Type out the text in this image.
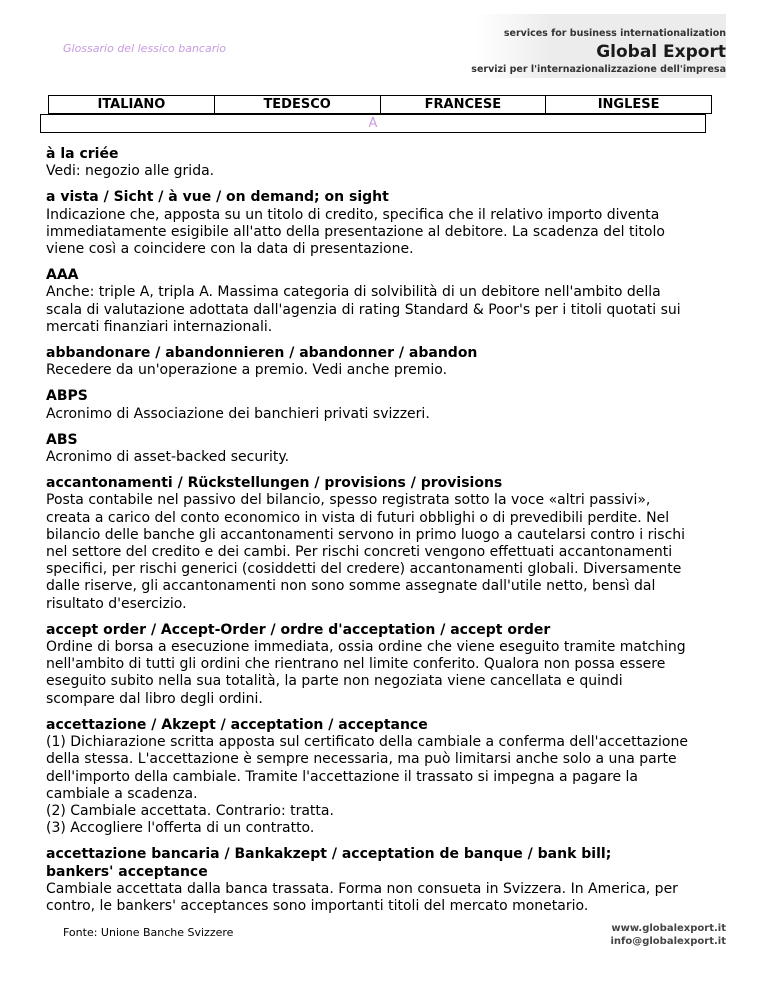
Glossario del lessico bancario
services for business internationalization
Global Export
servizi per l'internazionalizzazione dell'impresa
ITALIANO	TEDESCO	FRANCESE	INGLESE
A
à la criée
Vedi: negozio alle grida.
a vista / Sicht / à vue / on demand; on sight
Indicazione che, apposta su un titolo di credito, specifica che il relativo importo diventa
immediatamente esigibile all'atto della presentazione al debitore. La scadenza del titolo
viene così a coincidere con la data di presentazione.
AAA
Anche: triple A, tripla A. Massima categoria di solvibilità di un debitore nell'ambito della
scala di valutazione adottata dall'agenzia di rating Standard & Poor's per i titoli quotati sui
mercati finanziari internazionali.
abbandonare / abandonnieren / abandonner / abandon
Recedere da un'operazione a premio. Vedi anche premio.
ABPS
Acronimo di Associazione dei banchieri privati svizzeri.
ABS
Acronimo di asset-backed security.
accantonamenti / Rückstellungen / provisions / provisions
Posta contabile nel passivo del bilancio, spesso registrata sotto la voce «altri passivi»,
creata a carico del conto economico in vista di futuri obblighi o di prevedibili perdite. Nel
bilancio delle banche gli accantonamenti servono in primo luogo a cautelarsi contro i rischi
nel settore del credito e dei cambi. Per rischi concreti vengono effettuati accantonamenti
specifici, per rischi generici (cosiddetti del credere) accantonamenti globali. Diversamente
dalle riserve, gli accantonamenti non sono somme assegnate dall'utile netto, bensì dal
risultato d'esercizio.
accept order / Accept-Order / ordre d'acceptation / accept order
Ordine di borsa a esecuzione immediata, ossia ordine che viene eseguito tramite matching
nell'ambito di tutti gli ordini che rientrano nel limite conferito. Qualora non possa essere
eseguito subito nella sua totalità, la parte non negoziata viene cancellata e quindi
scompare dal libro degli ordini.
accettazione / Akzept / acceptation / acceptance
(1) Dichiarazione scritta apposta sul certificato della cambiale a conferma dell'accettazione
della stessa. L'accettazione è sempre necessaria, ma può limitarsi anche solo a una parte
dell'importo della cambiale. Tramite l'accettazione il trassato si impegna a pagare la
cambiale a scadenza.
(2) Cambiale accettata. Contrario: tratta.
(3) Accogliere l'offerta di un contratto.
accettazione bancaria / Bankakzept / acceptation de banque / bank bill;
bankers' acceptance
Cambiale accettata dalla banca trassata. Forma non consueta in Svizzera. In America, per
contro, le bankers' acceptances sono importanti titoli del mercato monetario.
Fonte: Unione Banche Svizzere	www.globalexport.it
info@globalexport.it
